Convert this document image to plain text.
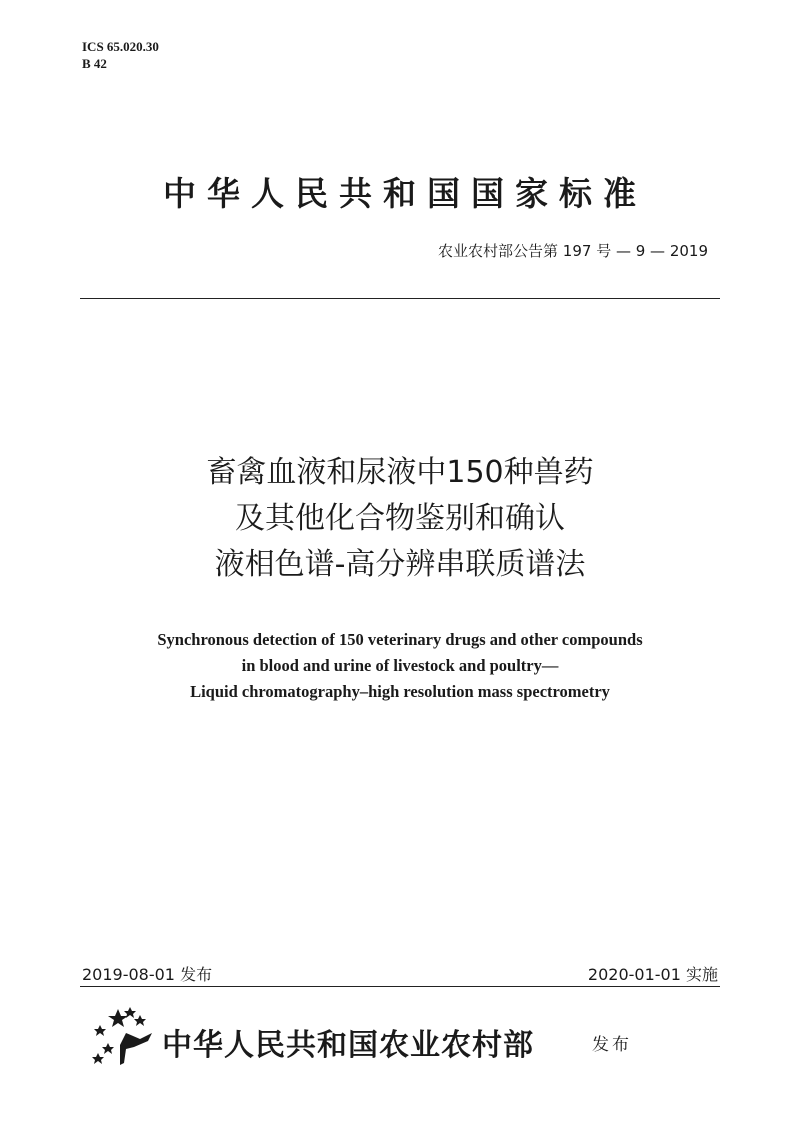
ICS 65.020.30
B 42
中华人民共和国国家标准
农业农村部公告第 197 号 — 9 — 2019
畜禽血液和尿液中150种兽药
及其他化合物鉴别和确认
液相色谱-高分辨串联质谱法
Synchronous detection of 150 veterinary drugs and other compounds
in blood and urine of livestock and poultry—
Liquid chromatography–high resolution mass spectrometry
2019-08-01 发布	2020-01-01 实施
中华人民共和国农业农村部	发布
